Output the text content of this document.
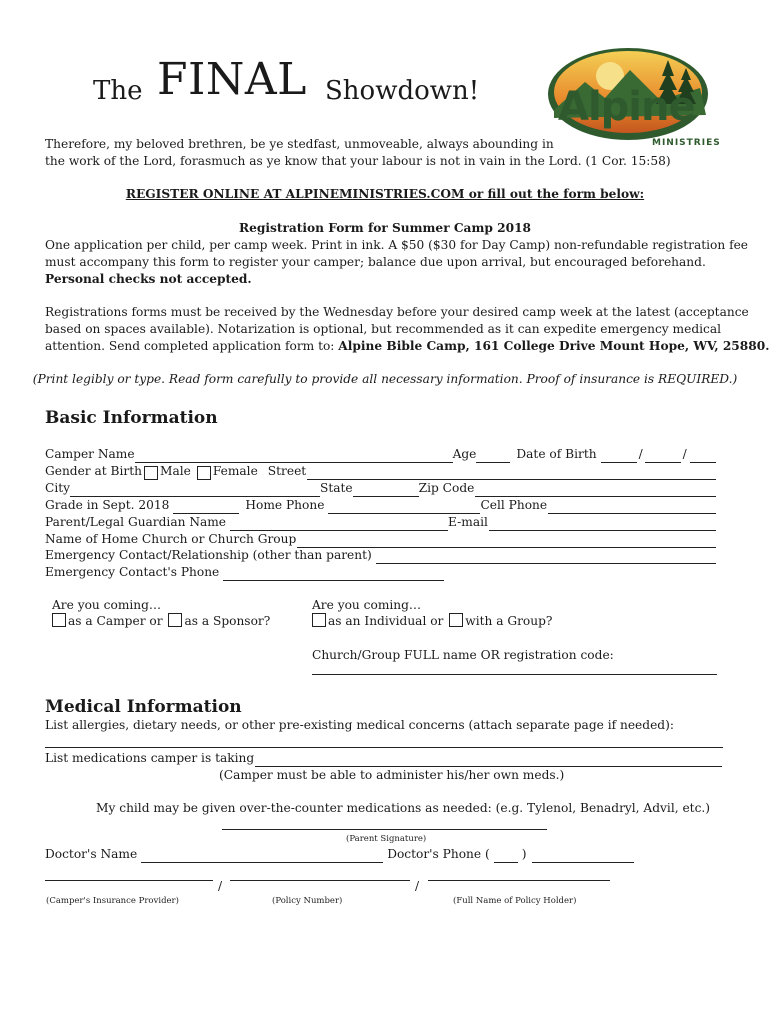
The FINAL Showdown! Alpine
MINISTRIES
Therefore, my beloved brethren, be ye stedfast, unmoveable, always abounding in
the work of the Lord, forasmuch as ye know that your labour is not in vain in the Lord. (1 Cor. 15:58)
REGISTER ONLINE AT ALPINEMINISTRIES.COM or fill out the form below:
Registration Form for Summer Camp 2018
One application per child, per camp week. Print in ink. A $50 ($30 for Day Camp) non-refundable registration fee
must accompany this form to register your camper; balance due upon arrival, but encouraged beforehand.
Personal checks not accepted.
Registrations forms must be received by the Wednesday before your desired camp week at the latest (acceptance
based on spaces available). Notarization is optional, but recommended as it can expedite emergency medical
attention. Send completed application form to: Alpine Bible Camp, 161 College Drive Mount Hope, WV, 25880.
(Print legibly or type. Read form carefully to provide all necessary information. Proof of insurance is REQUIRED.)
Basic Information
Camper Name	Age	Date of Birth	/	/
Gender at Birth Male Female Street
City	State	Zip Code
Grade in Sept. 2018	Home Phone	Cell Phone
Parent/Legal Guardian Name	E-mail
Name of Home Church or Church Group
Emergency Contact/Relationship (other than parent)
Emergency Contact's Phone
Are you coming…
as a Camper or as a Sponsor?
Are you coming…
as an Individual or with a Group?
Church/Group FULL name OR registration code:
Medical Information
List allergies, dietary needs, or other pre-existing medical concerns (attach separate page if needed):
List medications camper is taking
(Camper must be able to administer his/her own meds.)
My child may be given over-the-counter medications as needed: (e.g. Tylenol, Benadryl, Advil, etc.)
(Parent Signature)
Doctor's Name	Doctor's Phone (	)
/	/
(Camper's Insurance Provider)	(Policy Number)	(Full Name of Policy Holder)
